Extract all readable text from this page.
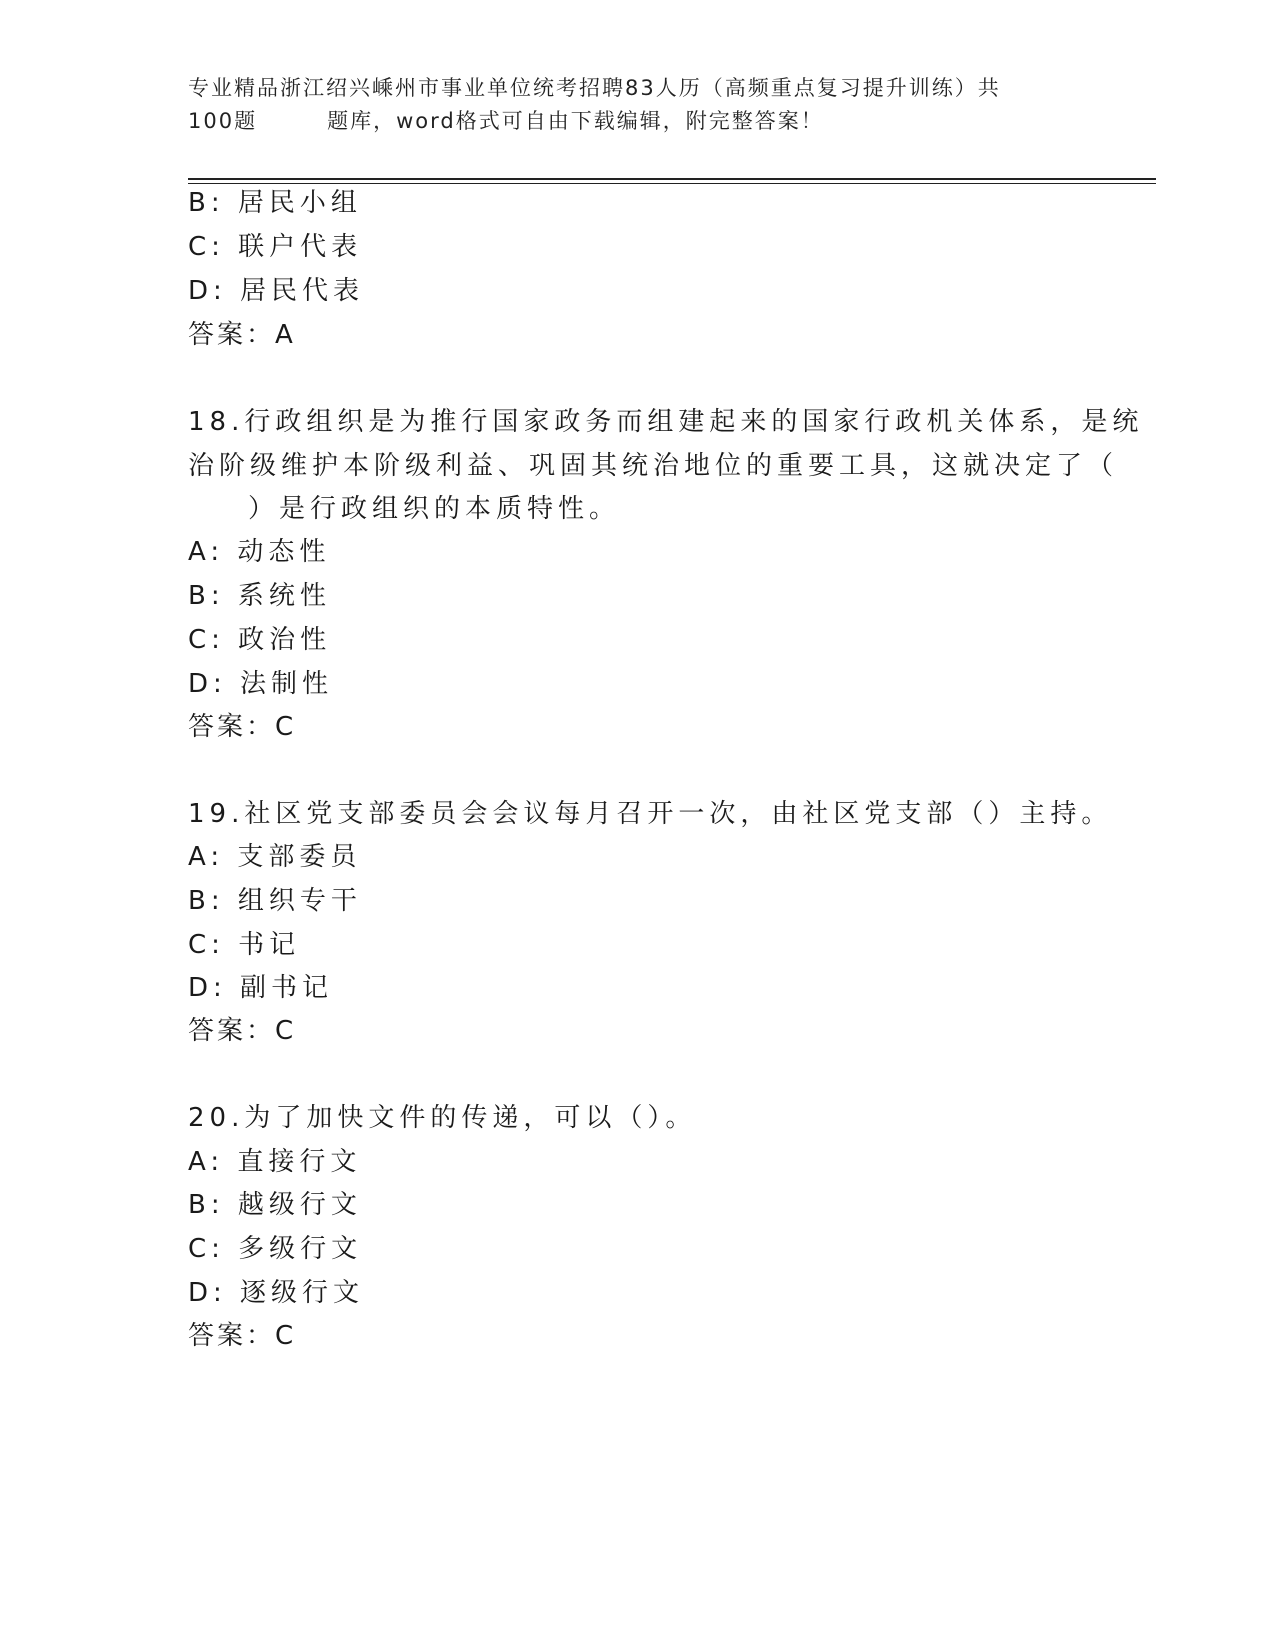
专业精品浙江绍兴嵊州市事业单位统考招聘83人历（高频重点复习提升训练）共
100题	题库，word格式可自由下载编辑，附完整答案！
B: 居民小组
C: 联户代表
D: 居民代表
答案：A
18.行政组织是为推行国家政务而组建起来的国家行政机关体系，是统
治阶级维护本阶级利益、巩固其统治地位的重要工具，这就决定了（
）是行政组织的本质特性。
A: 动态性
B: 系统性
C: 政治性
D: 法制性
答案：C
19.社区党支部委员会会议每月召开一次，由社区党支部（）主持。
A: 支部委员
B: 组织专干
C: 书记
D: 副书记
答案：C
20.为了加快文件的传递，可以（）。
A: 直接行文
B: 越级行文
C: 多级行文
D: 逐级行文
答案：C
